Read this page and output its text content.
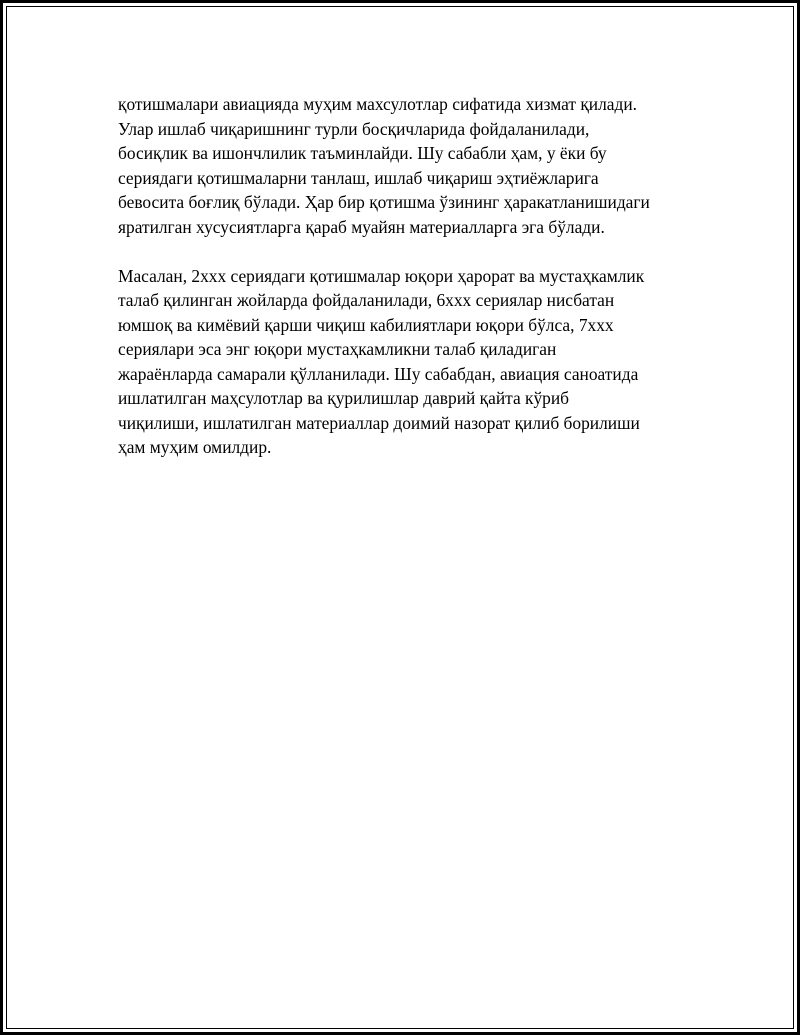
қотишмалари авиацияда муҳим махсулотлар сифатида хизмат қилади.
Улар ишлаб чиқаришнинг турли босқичларида фойдаланилади,
босиқлик ва ишончлилик таъминлайди. Шу сабабли ҳам, у ёки бу
сериядаги қотишмаларни танлаш, ишлаб чиқариш эҳтиёжларига
бевосита боғлиқ бўлади. Ҳар бир қотишма ўзининг ҳаракатланишидаги
яратилган хусусиятларга қараб муайян материалларга эга бўлади.

Масалан, 2ххх сериядаги қотишмалар юқори ҳарорат ва мустаҳкамлик
талаб қилинган жойларда фойдаланилади, 6ххх сериялар нисбатан
юмшоқ ва кимёвий қарши чиқиш кабилиятлари юқори бўлса, 7ххх
сериялари эса энг юқори мустаҳкамликни талаб қиладиган
жараёнларда самарали қўлланилади. Шу сабабдан, авиация саноатида
ишлатилган маҳсулотлар ва қурилишлар даврий қайта кўриб
чиқилиши, ишлатилган материаллар доимий назорат қилиб борилиши
ҳам муҳим омилдир.
